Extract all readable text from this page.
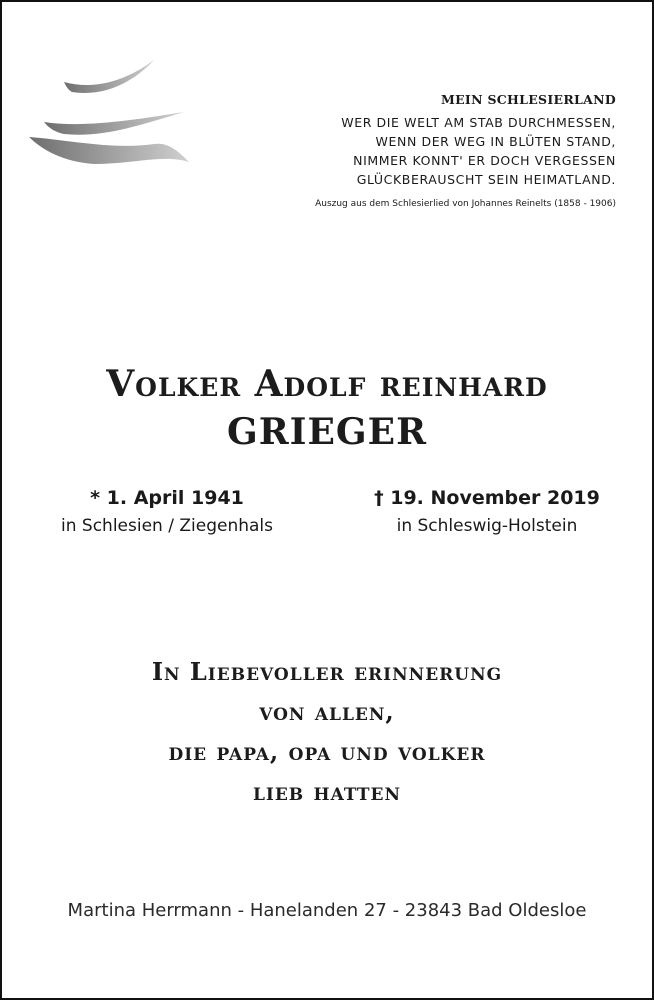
MEIN SCHLESIERLAND
WER DIE WELT AM STAB DURCHMESSEN,
WENN DER WEG IN BLÜTEN STAND,
NIMMER KONNT' ER DOCH VERGESSEN
GLÜCKBERAUSCHT SEIN HEIMATLAND.
Auszug aus dem Schlesierlied von Johannes Reinelts (1858 - 1906)
Volker Adolf reinhard
GRIEGER
* 1. April 1941
in Schlesien / Ziegenhals
† 19. November 2019
in Schleswig-Holstein
In Liebevoller erinnerung
von allen,
die papa, opa und volker
lieb hatten
Martina Herrmann - Hanelanden 27 - 23843 Bad Oldesloe
